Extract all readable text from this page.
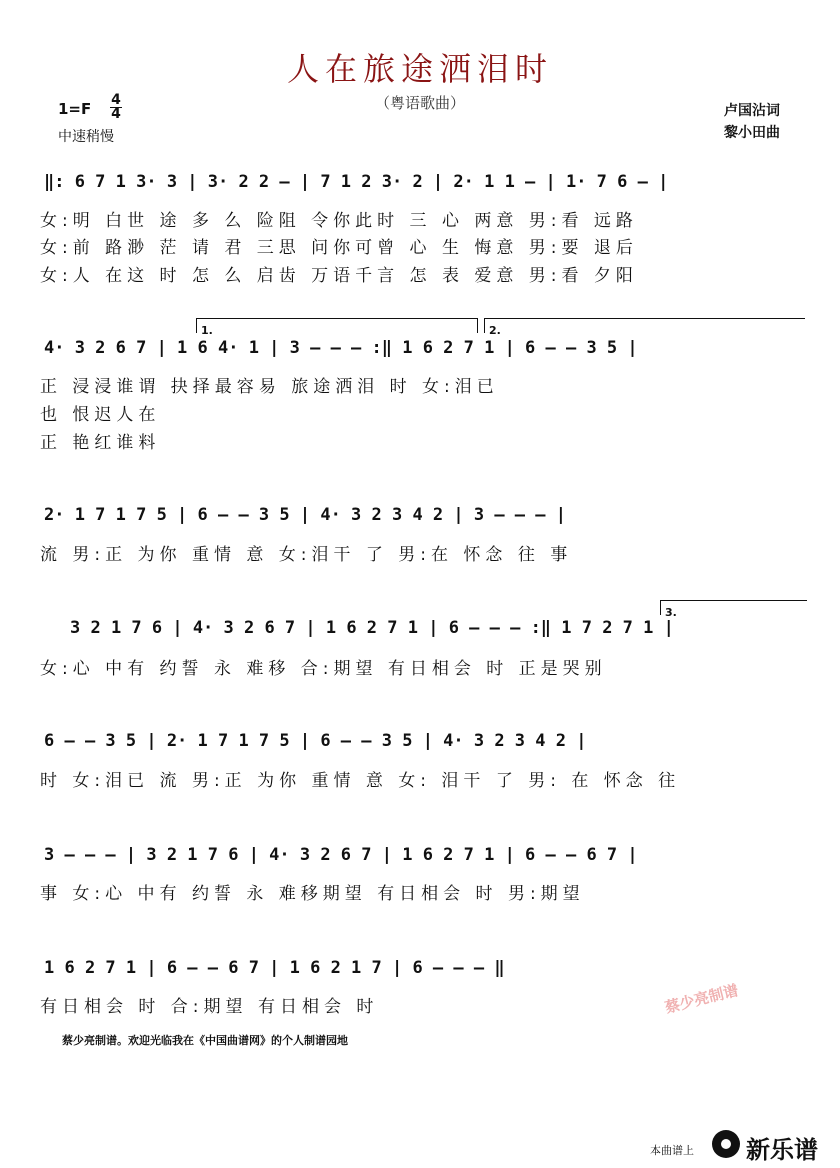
人在旅途洒泪时
（粤语歌曲）
1=F 4
4
中速稍慢
卢国沾词
黎小田曲
‖: 6 7 1 3· 3 | 3· 2 2 – | 7 1 2 3· 2 | 2· 1 1 – | 1· 7 6 – |
女:明 白世 途 多 么 险阻 令你此时 三 心 两意 男:看 远路
女:前 路渺 茫 请 君 三思 问你可曾 心 生 悔意 男:要 退后
女:人 在这 时 怎 么 启齿 万语千言 怎 表 爱意 男:看 夕阳
1.	2.
4· 3 2 6 7 | 1 6 4· 1 | 3 – – – :‖ 1 6 2 7 1 | 6 – – 3 5 |
正 浸浸谁谓 抉择最容易 旅途洒泪 时 女:泪已
也 恨迟人在
正 艳红谁料
2· 1 7 1 7 5 | 6 – – 3 5 | 4· 3 2 3 4 2 | 3 – – – |
流 男:正 为你 重情 意 女:泪干 了 男:在 怀念 往 事
3.
3 2 1 7 6 | 4· 3 2 6 7 | 1 6 2 7 1 | 6 – – – :‖ 1 7 2 7 1 |
女:心 中有 约誓 永 难移 合:期望 有日相会 时 正是哭别
6 – – 3 5 | 2· 1 7 1 7 5 | 6 – – 3 5 | 4· 3 2 3 4 2 |
时 女:泪已 流 男:正 为你 重情 意 女: 泪干 了 男: 在 怀念 往
3 – – – | 3 2 1 7 6 | 4· 3 2 6 7 | 1 6 2 7 1 | 6 – – 6 7 |
事 女:心 中有 约誓 永 难移期望 有日相会 时 男:期望
1 6 2 7 1 | 6 – – 6 7 | 1 6 2 1 7 | 6 – – – ‖
有日相会 时 合:期望 有日相会 时	蔡少亮制谱
蔡少亮制谱。欢迎光临我在《中国曲谱网》的个人制谱园地
本曲谱上 新乐谱
